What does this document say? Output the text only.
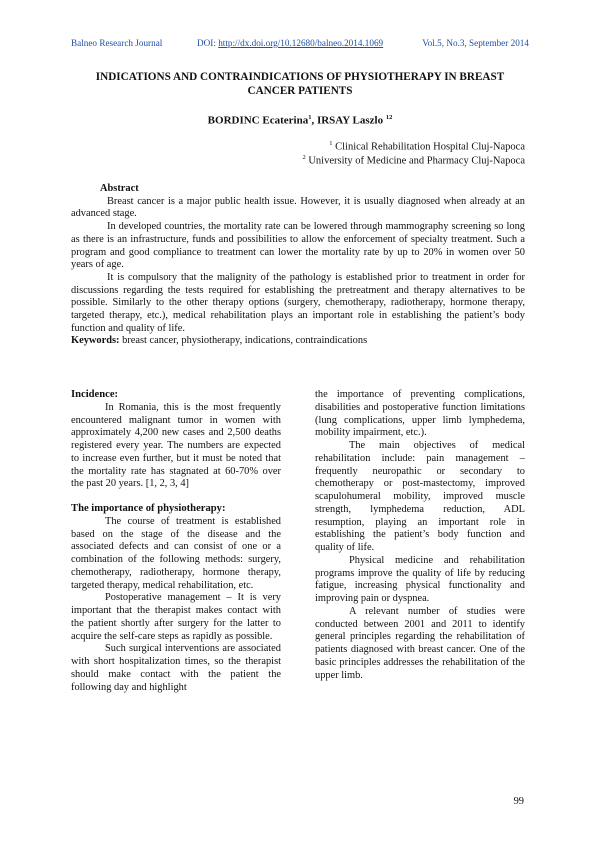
Balneo Research Journal	DOI: http://dx.doi.org/10.12680/balneo.2014.1069	Vol.5, No.3, September 2014
INDICATIONS AND CONTRAINDICATIONS OF PHYSIOTHERAPY IN BREAST
CANCER PATIENTS
BORDINC Ecaterina$^1$, IRSAY Laszlo $^{12}$
$^1$ Clinical Rehabilitation Hospital Cluj-Napoca
$^2$ University of Medicine and Pharmacy Cluj-Napoca
Abstract

Breast cancer is a major public health issue. However, it is usually diagnosed when already at an advanced stage.

In developed countries, the mortality rate can be lowered through mammography screening so long as there is an infrastructure, funds and possibilities to allow the enforcement of specialty treatment. Such a program and good compliance to treatment can lower the mortality rate by up to 20% in women over 50 years of age.

It is compulsory that the malignity of the pathology is established prior to treatment in order for discussions regarding the tests required for establishing the pretreatment and therapy alternatives to be possible. Similarly to the other therapy options (surgery, chemotherapy, radiotherapy, hormone therapy, targeted therapy, etc.), medical rehabilitation plays an important role in establishing the patient’s body function and quality of life.

Keywords: breast cancer, physiotherapy, indications, contraindications
Incidence:

In Romania, this is the most frequently encountered malignant tumor in women with approximately 4,200 new cases and 2,500 deaths registered every year. The numbers are expected to increase even further, but it must be noted that the mortality rate has stagnated at 60-70% over the past 20 years. [1, 2, 3, 4]

The importance of physiotherapy:

The course of treatment is established based on the stage of the disease and the associated defects and can consist of one or a combination of the following methods: surgery, chemotherapy, radiotherapy, hormone therapy, targeted therapy, medical rehabilitation, etc.

Postoperative management – It is very important that the therapist makes contact with the patient shortly after surgery for the latter to acquire the self-care steps as rapidly as possible.

Such surgical interventions are associated with short hospitalization times, so the therapist should make contact with the patient the following day and highlight

the importance of preventing complications, disabilities and postoperative function limitations (lung complications, upper limb lymphedema, mobility impairment, etc.).

The main objectives of medical rehabilitation include: pain management – frequently neuropathic or secondary to chemotherapy or post-mastectomy, improved scapulohumeral mobility, improved muscle strength, lymphedema reduction, ADL resumption, playing an important role in establishing the patient’s body function and quality of life.

Physical medicine and rehabilitation programs improve the quality of life by reducing fatigue, increasing physical functionality and improving pain or dyspnea.

A relevant number of studies were conducted between 2001 and 2011 to identify general principles regarding the rehabilitation of patients diagnosed with breast cancer. One of the basic principles addresses the rehabilitation of the upper limb.

99
